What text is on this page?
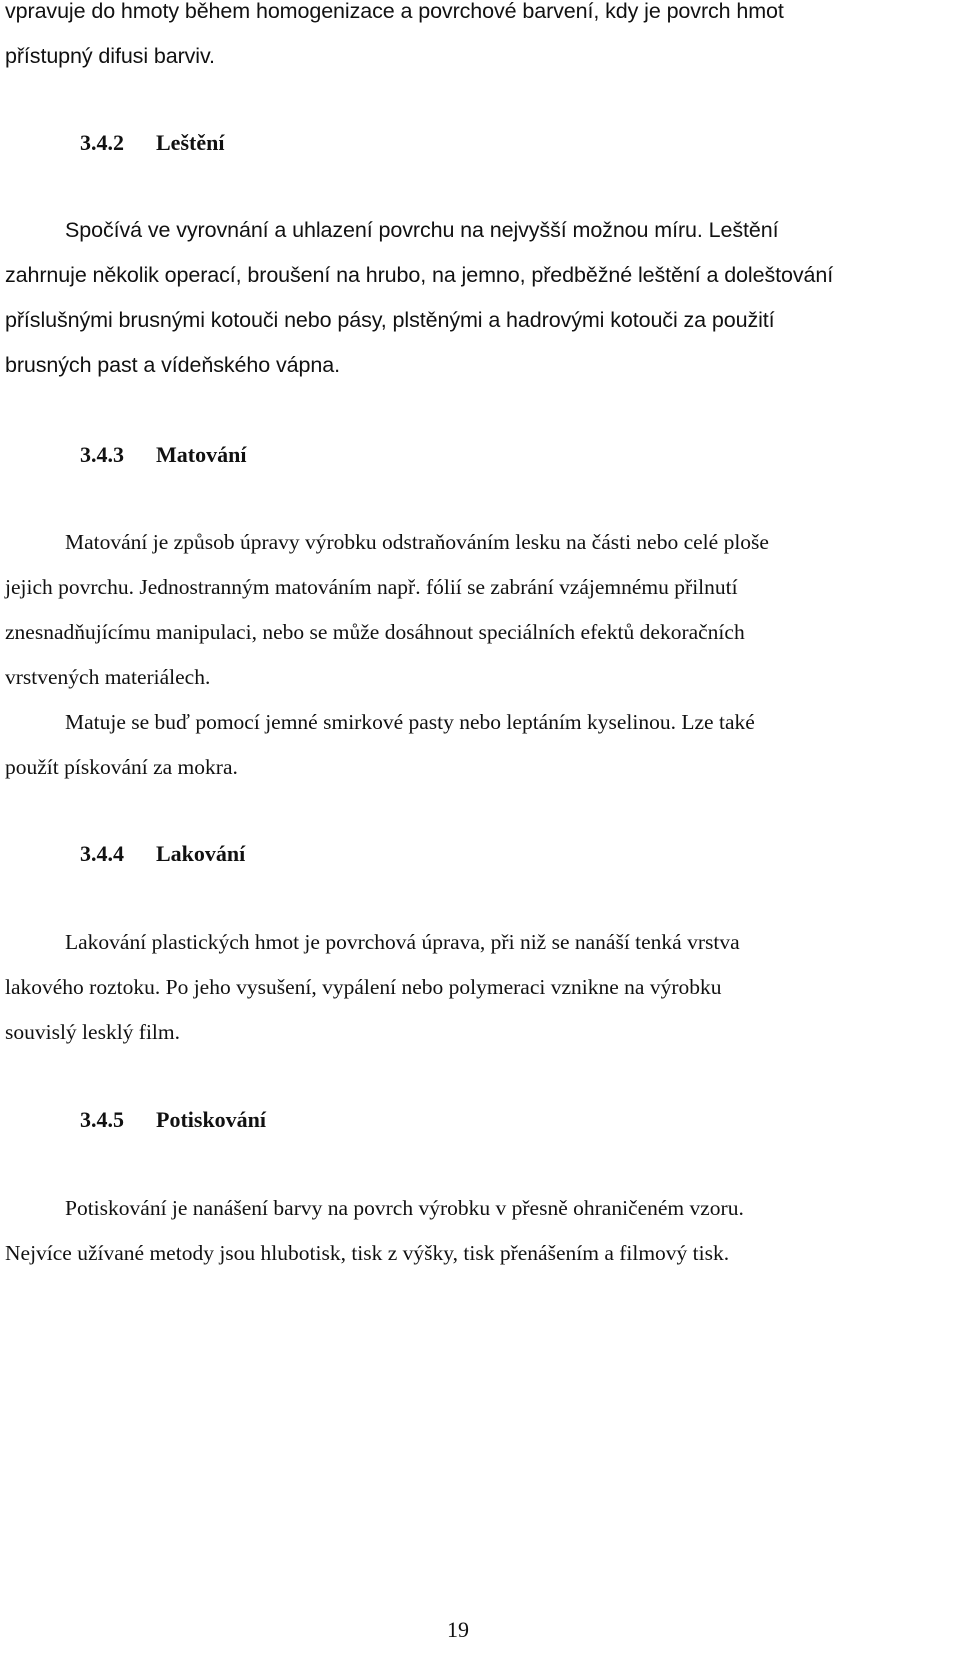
vpravuje do hmoty během homogenizace a povrchové barvení, kdy je povrch hmot
přístupný difusi barviv.
3.4.2 Leštění
Spočívá ve vyrovnání a uhlazení povrchu na nejvyšší možnou míru. Leštění
zahrnuje několik operací, broušení na hrubo, na jemno, předběžné leštění a doleštování
příslušnými brusnými kotouči nebo pásy, plstěnými a hadrovými kotouči za použití
brusných past a vídeňského vápna.
3.4.3 Matování
Matování je způsob úpravy výrobku odstraňováním lesku na části nebo celé ploše
jejich povrchu. Jednostranným matováním např. fólií se zabrání vzájemnému přilnutí
znesnadňujícímu manipulaci, nebo se může dosáhnout speciálních efektů dekoračních
vrstvených materiálech.
Matuje se buď pomocí jemné smirkové pasty nebo leptáním kyselinou. Lze také
použít pískování za mokra.
3.4.4 Lakování
Lakování plastických hmot je povrchová úprava, při niž se nanáší tenká vrstva
lakového roztoku. Po jeho vysušení, vypálení nebo polymeraci vznikne na výrobku
souvislý lesklý film.
3.4.5 Potiskování
Potiskování je nanášení barvy na povrch výrobku v přesně ohraničeném vzoru.
Nejvíce užívané metody jsou hlubotisk, tisk z výšky, tisk přenášením a filmový tisk.
19
